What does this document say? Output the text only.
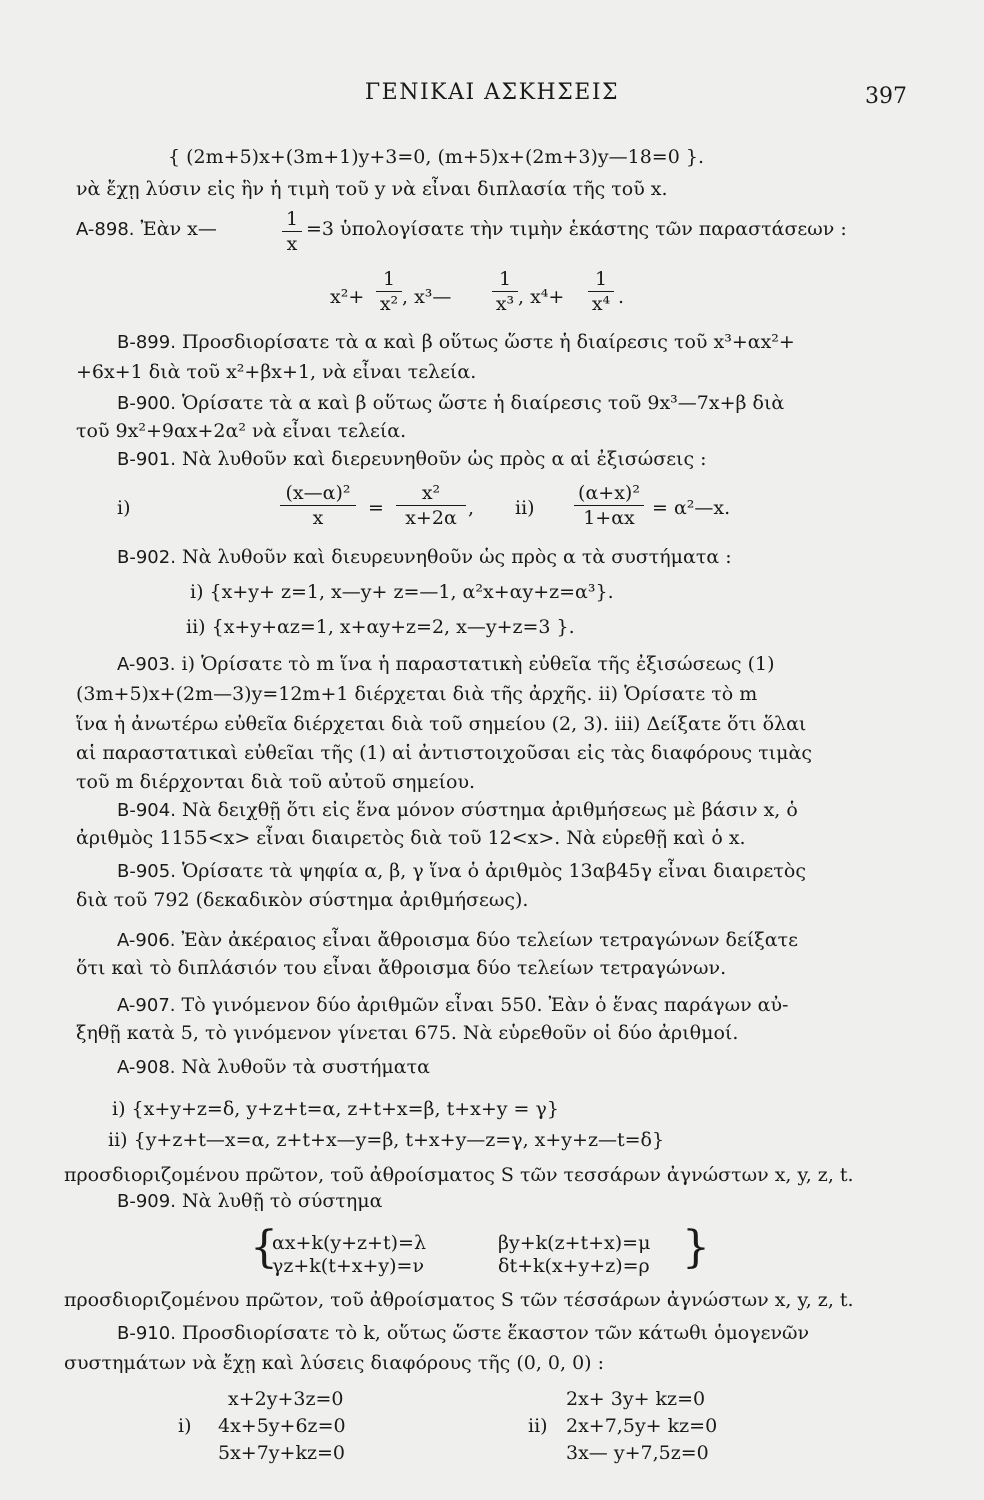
ΓΕΝΙΚΑΙ ΑΣΚΗΣΕΙΣ	397
{ (2m+5)x+(3m+1)y+3=0, (m+5)x+(2m+3)y—18=0 }.
νὰ ἔχῃ λύσιν εἰς ἣν ἡ τιμὴ τοῦ y νὰ εἶναι διπλασία τῆς τοῦ x.
A-898. Ἐὰν x—	1
x
=3 ὑπολογίσατε τὴν τιμὴν ἑκάστης τῶν παραστάσεων :
x²+
1
x² , x³—
1
x³ , x⁴+
1
x⁴ .
B-899. Προσδιορίσατε τὰ α καὶ β οὕτως ὥστε ἡ διαίρεσις τοῦ x³+αx²+
+6x+1 διὰ τοῦ x²+βx+1, νὰ εἶναι τελεία.
B-900. Ὁρίσατε τὰ α καὶ β οὕτως ὥστε ἡ διαίρεσις τοῦ 9x³—7x+β διὰ
τοῦ 9x²+9αx+2α² νὰ εἶναι τελεία.
B-901. Νὰ λυθοῦν καὶ διερευνηθοῦν ὡς πρὸς α αἱ ἐξισώσεις :
i)
(x—α)²
x	=
x²
x+2α , ii)
(α+x)²
1+αx = α²—x.
B-902. Νὰ λυθοῦν καὶ διευρευνηθοῦν ὡς πρὸς α τὰ συστήματα :
i) {x+y+ z=1, x—y+ z=—1, α²x+αy+z=α³}.
ii) {x+y+αz=1, x+αy+z=2, x—y+z=3 }.
A-903. i) Ὁρίσατε τὸ m ἵνα ἡ παραστατικὴ εὐθεῖα τῆς ἐξισώσεως (1)
(3m+5)x+(2m—3)y=12m+1 διέρχεται διὰ τῆς ἀρχῆς. ii) Ὁρίσατε τὸ m
ἵνα ἡ ἀνωτέρω εὐθεῖα διέρχεται διὰ τοῦ σημείου (2, 3). iii) Δείξατε ὅτι ὅλαι
αἱ παραστατικαὶ εὐθεῖαι τῆς (1) αἱ ἀντιστοιχοῦσαι εἰς τὰς διαφόρους τιμὰς
τοῦ m διέρχονται διὰ τοῦ αὐτοῦ σημείου.
B-904. Νὰ δειχθῇ ὅτι εἰς ἕνα μόνον σύστημα ἀριθμήσεως μὲ βάσιν x, ὁ
ἀριθμὸς 1155<x> εἶναι διαιρετὸς διὰ τοῦ 12<x>. Νὰ εὑρεθῇ καὶ ὁ x.
B-905. Ὁρίσατε τὰ ψηφία α, β, γ ἵνα ὁ ἀριθμὸς 13αβ45γ εἶναι διαιρετὸς
διὰ τοῦ 792 (δεκαδικὸν σύστημα ἀριθμήσεως).
A-906. Ἐὰν ἀκέραιος εἶναι ἄθροισμα δύο τελείων τετραγώνων δείξατε
ὅτι καὶ τὸ διπλάσιόν του εἶναι ἄθροισμα δύο τελείων τετραγώνων.
A-907. Τὸ γινόμενον δύο ἀριθμῶν εἶναι 550. Ἐὰν ὁ ἕνας παράγων αὐ-
ξηθῇ κατὰ 5, τὸ γινόμενον γίνεται 675. Νὰ εὑρεθοῦν οἱ δύο ἀριθμοί.
A-908. Νὰ λυθοῦν τὰ συστήματα
i) {x+y+z=δ, y+z+t=α, z+t+x=β, t+x+y = γ}
ii) {y+z+t—x=α, z+t+x—y=β, t+x+y—z=γ, x+y+z—t=δ}
προσδιοριζομένου πρῶτον, τοῦ ἀθροίσματος S τῶν τεσσάρων ἀγνώστων x, y, z, t.
B-909. Νὰ λυθῇ τὸ σύστημα
{
αx+k(y+z+t)=λ	βy+k(z+t+x)=μ
γz+k(t+x+y)=ν	δt+k(x+y+z)=ρ }
προσδιοριζομένου πρῶτον, τοῦ ἀθροίσματος S τῶν τέσσάρων ἀγνώστων x, y, z, t.
B-910. Προσδιορίσατε τὸ k, οὕτως ὥστε ἕκαστον τῶν κάτωθι ὁμογενῶν
συστημάτων νὰ ἔχῃ καὶ λύσεις διαφόρους τῆς (0, 0, 0) :
i)
x+2y+3z=0
4x+5y+6z=0
5x+7y+kz=0
ii)
2x+ 3y+ kz=0
2x+7,5y+ kz=0
3x— y+7,5z=0
